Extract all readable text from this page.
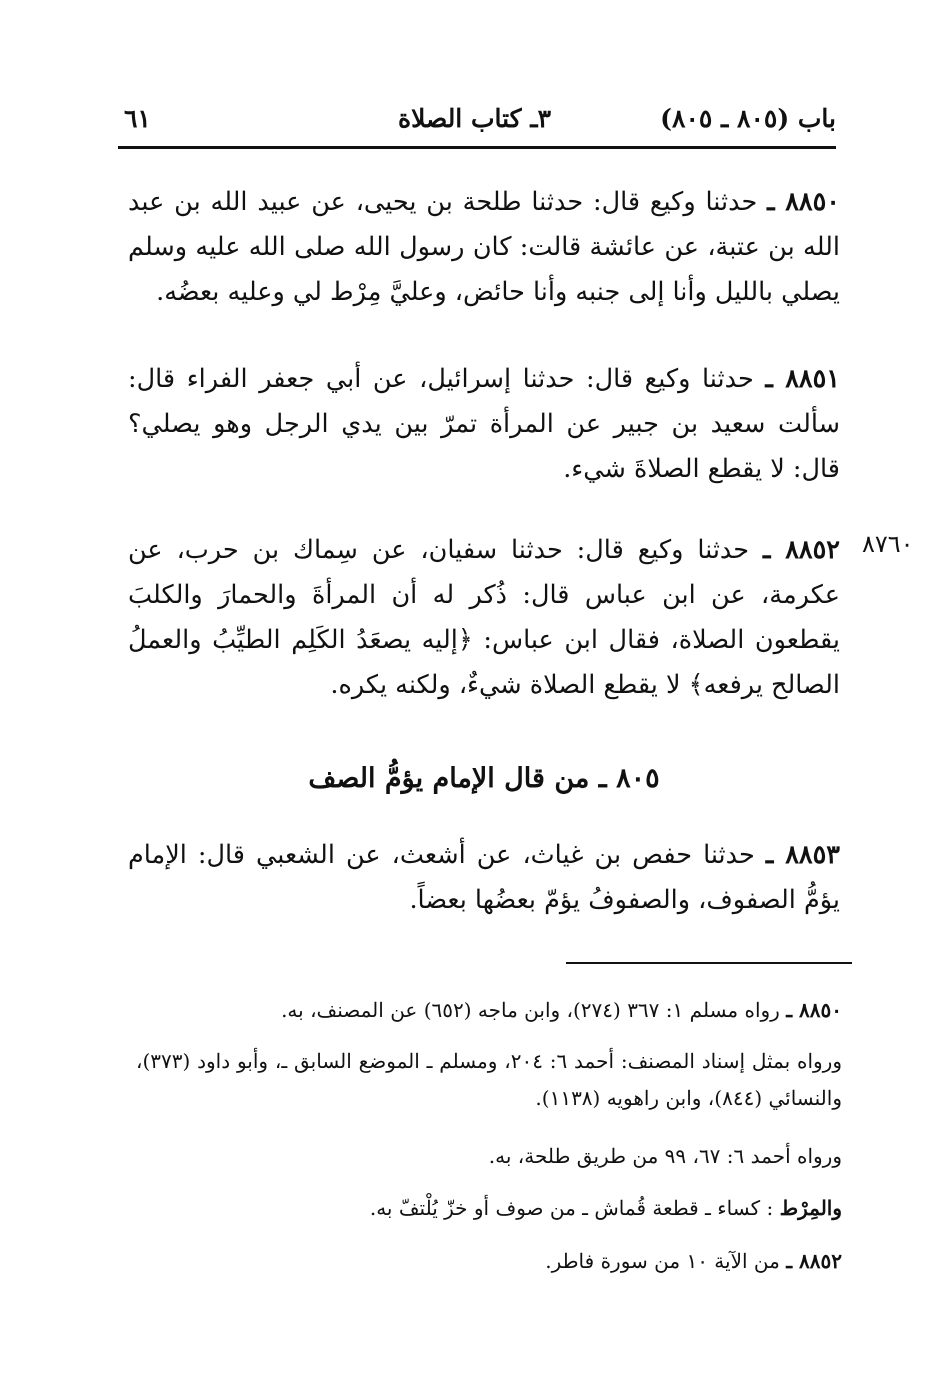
باب (٨٠٥ ـ ٨٠٥)
٣ـ كتاب الصلاة
٦١
٨٨٥٠ ـ حدثنا وكيع قال: حدثنا طلحة بن يحيى، عن عبيد الله بن عبد الله بن عتبة، عن عائشة قالت: كان رسول الله صلى الله عليه وسلم يصلي بالليل وأنا إلى جنبه وأنا حائض، وعليَّ مِرْط لي وعليه بعضُه.
٨٨٥١ ـ حدثنا وكيع قال: حدثنا إسرائيل، عن أبي جعفر الفراء قال: سألت سعيد بن جبير عن المرأة تمرّ بين يدي الرجل وهو يصلي؟ قال: لا يقطع الصلاةَ شيء.
٨٧٦٠
٨٨٥٢ ـ حدثنا وكيع قال: حدثنا سفيان، عن سِماك بن حرب، عن عكرمة، عن ابن عباس قال: ذُكر له أن المرأةَ والحمارَ والكلبَ يقطعون الصلاة، فقال ابن عباس: ﴿إليه يصعَدُ الكَلِم الطيِّبُ والعملُ الصالح يرفعه﴾ لا يقطع الصلاة شيءٌ، ولكنه يكره.
٨٠٥ ـ من قال الإمام يؤمُّ الصف
٨٨٥٣ ـ حدثنا حفص بن غياث، عن أشعث، عن الشعبي قال: الإمام يؤمُّ الصفوف، والصفوفُ يؤمّ بعضُها بعضاً.
٨٨٥٠ ـ رواه مسلم ١: ٣٦٧ (٢٧٤)، وابن ماجه (٦٥٢) عن المصنف، به.
ورواه بمثل إسناد المصنف: أحمد ٦: ٢٠٤، ومسلم ـ الموضع السابق ـ، وأبو داود (٣٧٣)، والنسائي (٨٤٤)، وابن راهويه (١١٣٨).
ورواه أحمد ٦: ٦٧، ٩٩ من طريق طلحة، به.
والمِرْط : كساء ـ قطعة قُماش ـ من صوف أو خزّ يُلْتفّ به.
٨٨٥٢ ـ من الآية ١٠ من سورة فاطر.
